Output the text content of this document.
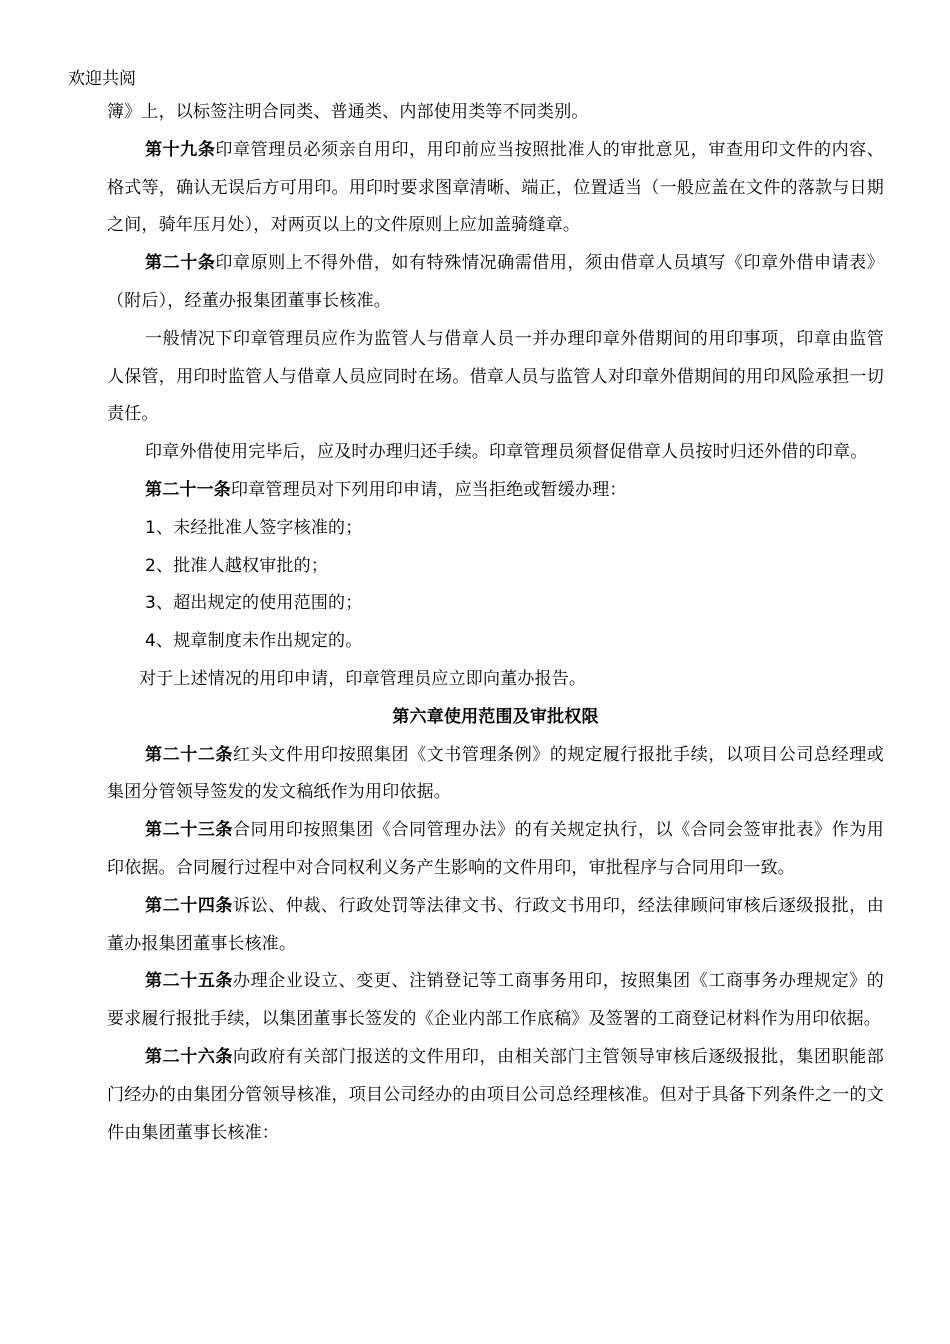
欢迎共阅

簿》上，以标签注明合同类、普通类、内部使用类等不同类别。

第十九条印章管理员必须亲自用印，用印前应当按照批准人的审批意见，审查用印文件的内容、格式等，确认无误后方可用印。用印时要求图章清晰、端正，位置适当（一般应盖在文件的落款与日期之间，骑年压月处），对两页以上的文件原则上应加盖骑缝章。

第二十条印章原则上不得外借，如有特殊情况确需借用，须由借章人员填写《印章外借申请表》（附后），经董办报集团董事长核准。

一般情况下印章管理员应作为监管人与借章人员一并办理印章外借期间的用印事项，印章由监管人保管，用印时监管人与借章人员应同时在场。借章人员与监管人对印章外借期间的用印风险承担一切责任。

印章外借使用完毕后，应及时办理归还手续。印章管理员须督促借章人员按时归还外借的印章。

第二十一条印章管理员对下列用印申请，应当拒绝或暂缓办理：

1、未经批准人签字核准的；

2、批准人越权审批的；

3、超出规定的使用范围的；

4、规章制度未作出规定的。

对于上述情况的用印申请，印章管理员应立即向董办报告。

第六章使用范围及审批权限

第二十二条红头文件用印按照集团《文书管理条例》的规定履行报批手续，以项目公司总经理或集团分管领导签发的发文稿纸作为用印依据。

第二十三条合同用印按照集团《合同管理办法》的有关规定执行，以《合同会签审批表》作为用印依据。合同履行过程中对合同权利义务产生影响的文件用印，审批程序与合同用印一致。

第二十四条诉讼、仲裁、行政处罚等法律文书、行政文书用印，经法律顾问审核后逐级报批，由董办报集团董事长核准。

第二十五条办理企业设立、变更、注销登记等工商事务用印，按照集团《工商事务办理规定》的要求履行报批手续，以集团董事长签发的《企业内部工作底稿》及签署的工商登记材料作为用印依据。

第二十六条向政府有关部门报送的文件用印，由相关部门主管领导审核后逐级报批，集团职能部门经办的由集团分管领导核准，项目公司经办的由项目公司总经理核准。但对于具备下列条件之一的文件由集团董事长核准：
